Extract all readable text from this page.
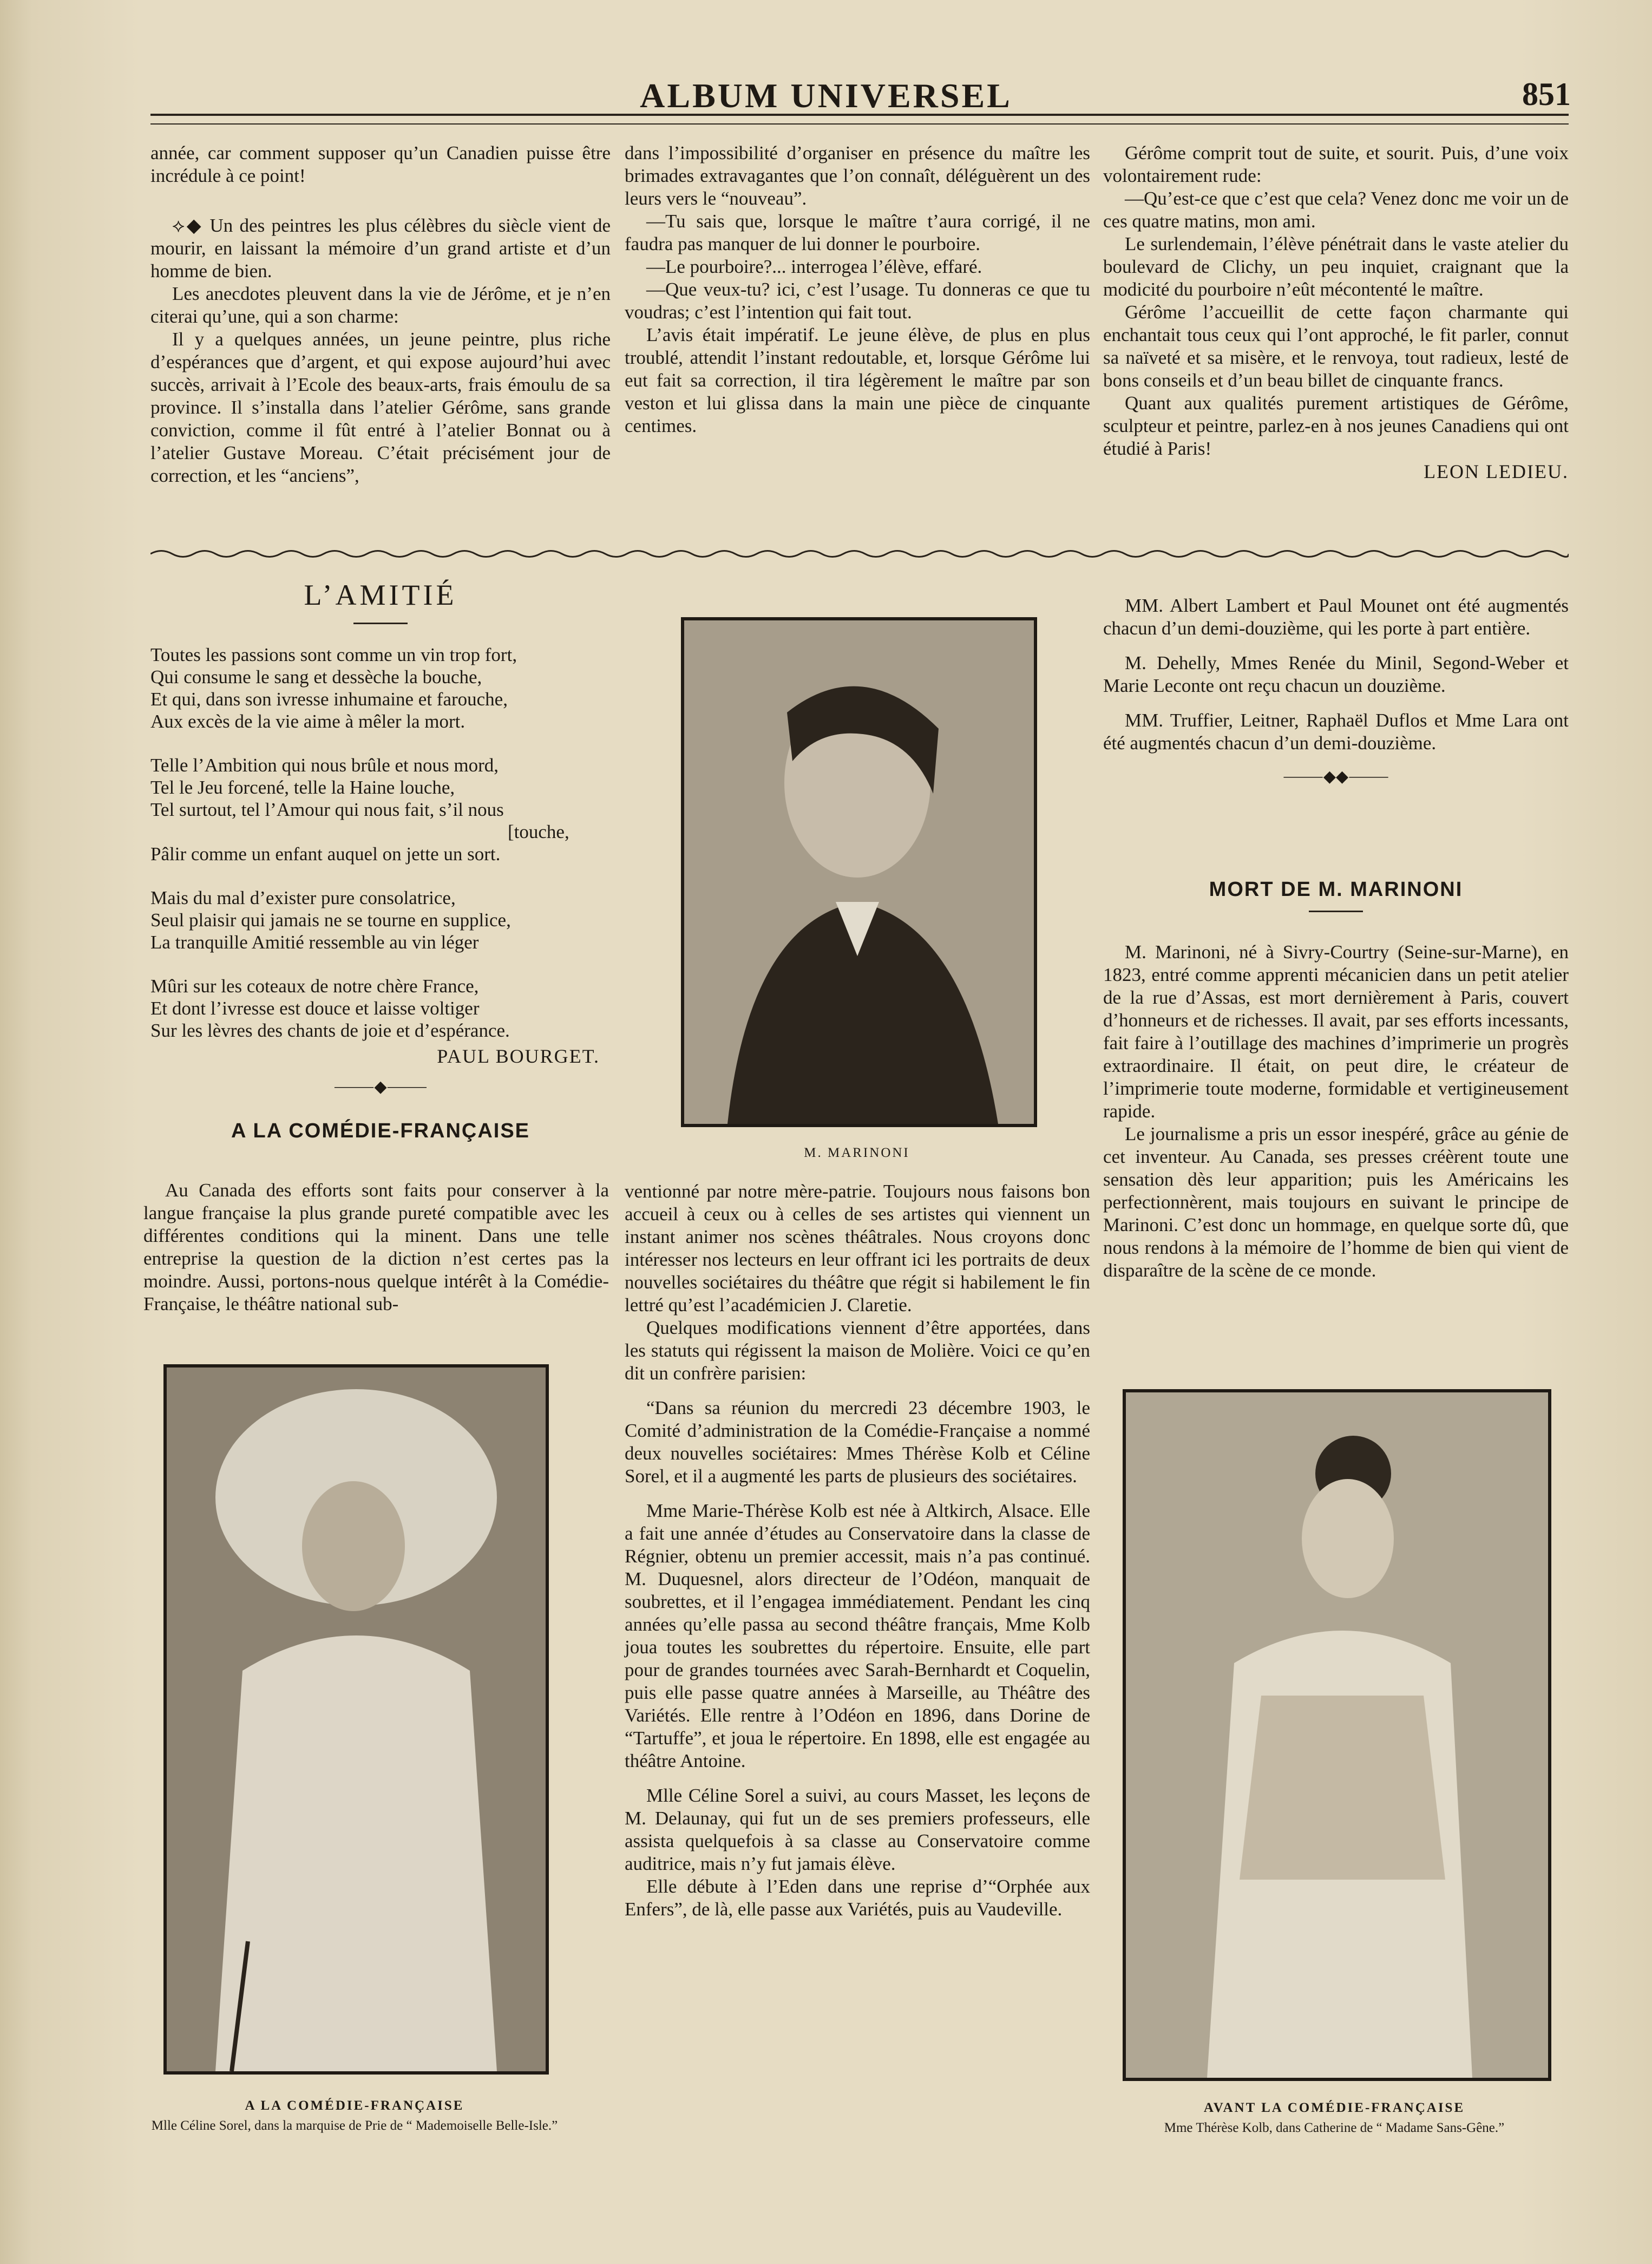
ALBUM UNIVERSEL	851

année, car comment supposer qu’un Canadien puisse être incrédule à ce point!

⟡◆ Un des peintres les plus célèbres du siècle vient de mourir, en laissant la mémoire d’un grand artiste et d’un homme de bien.

Les anecdotes pleuvent dans la vie de Jérôme, et je n’en citerai qu’une, qui a son charme:

Il y a quelques années, un jeune peintre, plus riche d’espérances que d’argent, et qui expose aujourd’hui avec succès, arrivait à l’Ecole des beaux-arts, frais émoulu de sa province. Il s’installa dans l’atelier Gérôme, sans grande conviction, comme il fût entré à l’atelier Bonnat ou à l’atelier Gustave Moreau. C’était précisément jour de correction, et les “anciens”,

dans l’impossibilité d’organiser en présence du maître les brimades extravagantes que l’on connaît, déléguèrent un des leurs vers le “nouveau”.

—Tu sais que, lorsque le maître t’aura corrigé, il ne faudra pas manquer de lui donner le pourboire.

—Le pourboire?... interrogea l’élève, effaré.

—Que veux-tu? ici, c’est l’usage. Tu donneras ce que tu voudras; c’est l’intention qui fait tout.

L’avis était impératif. Le jeune élève, de plus en plus troublé, attendit l’instant redoutable, et, lorsque Gérôme lui eut fait sa correction, il tira légèrement le maître par son veston et lui glissa dans la main une pièce de cinquante centimes.

Gérôme comprit tout de suite, et sourit. Puis, d’une voix volontairement rude:

—Qu’est-ce que c’est que cela? Venez donc me voir un de ces quatre matins, mon ami.

Le surlendemain, l’élève pénétrait dans le vaste atelier du boulevard de Clichy, un peu inquiet, craignant que la modicité du pourboire n’eût mécontenté le maître.

Gérôme l’accueillit de cette façon charmante qui enchantait tous ceux qui l’ont approché, le fit parler, connut sa naïveté et sa misère, et le renvoya, tout radieux, lesté de bons conseils et d’un beau billet de cinquante francs.

Quant aux qualités purement artistiques de Gérôme, sculpteur et peintre, parlez-en à nos jeunes Canadiens qui ont étudié à Paris!

LEON LEDIEU.
L’AMITIÉ
Toutes les passions sont comme un vin trop fort,
Qui consume le sang et dessèche la bouche,
Et qui, dans son ivresse inhumaine et farouche,
Aux excès de la vie aime à mêler la mort.
Telle l’Ambition qui nous brûle et nous mord,
Tel le Jeu forcené, telle la Haine louche,
Tel surtout, tel l’Amour qui nous fait, s’il nous
[touche,
Pâlir comme un enfant auquel on jette un sort.
Mais du mal d’exister pure consolatrice,
Seul plaisir qui jamais ne se tourne en supplice,
La tranquille Amitié ressemble au vin léger
Mûri sur les coteaux de notre chère France,
Et dont l’ivresse est douce et laisse voltiger
Sur les lèvres des chants de joie et d’espérance.
PAUL BOURGET.
⸻◆⸻
A LA COMÉDIE-FRANÇAISE

Au Canada des efforts sont faits pour conserver à la langue française la plus grande pureté compatible avec les différentes conditions qui la minent. Dans une telle entreprise la question de la diction n’est certes pas la moindre. Aussi, portons-nous quelque intérêt à la Comédie-Française, le théâtre national sub-

A LA COMÉDIE-FRANÇAISE
Mlle Céline Sorel, dans la marquise de Prie de “ Mademoiselle Belle-Isle.”
M. MARINONI

ventionné par notre mère-patrie. Toujours nous faisons bon accueil à ceux ou à celles de ses artistes qui viennent un instant animer nos scènes théâtrales. Nous croyons donc intéresser nos lecteurs en leur offrant ici les portraits de deux nouvelles sociétaires du théâtre que régit si habilement le fin lettré qu’est l’académicien J. Claretie.

Quelques modifications viennent d’être apportées, dans les statuts qui régissent la maison de Molière. Voici ce qu’en dit un confrère parisien:

“Dans sa réunion du mercredi 23 décembre 1903, le Comité d’administration de la Comédie-Française a nommé deux nouvelles sociétaires: Mmes Thérèse Kolb et Céline Sorel, et il a augmenté les parts de plusieurs des sociétaires.

Mme Marie-Thérèse Kolb est née à Altkirch, Alsace. Elle a fait une année d’études au Conservatoire dans la classe de Régnier, obtenu un premier accessit, mais n’a pas continué. M. Duquesnel, alors directeur de l’Odéon, manquait de soubrettes, et il l’engagea immédiatement. Pendant les cinq années qu’elle passa au second théâtre français, Mme Kolb joua toutes les soubrettes du répertoire. Ensuite, elle part pour de grandes tournées avec Sarah-Bernhardt et Coquelin, puis elle passe quatre années à Marseille, au Théâtre des Variétés. Elle rentre à l’Odéon en 1896, dans Dorine de “Tartuffe”, et joua le répertoire. En 1898, elle est engagée au théâtre Antoine.

Mlle Céline Sorel a suivi, au cours Masset, les leçons de M. Delaunay, qui fut un de ses premiers professeurs, elle assista quelquefois à sa classe au Conservatoire comme auditrice, mais n’y fut jamais élève.

Elle débute à l’Eden dans une reprise d’“Orphée aux Enfers”, de là, elle passe aux Variétés, puis au Vaudeville.

MM. Albert Lambert et Paul Mounet ont été augmentés chacun d’un demi-douzième, qui les porte à part entière.

M. Dehelly, Mmes Renée du Minil, Segond-Weber et Marie Leconte ont reçu chacun un douzième.

MM. Truffier, Leitner, Raphaël Duflos et Mme Lara ont été augmentés chacun d’un demi-douzième.

⸻◆◆⸻
MORT DE M. MARINONI

M. Marinoni, né à Sivry-Courtry (Seine-sur-Marne), en 1823, entré comme apprenti mécanicien dans un petit atelier de la rue d’Assas, est mort dernièrement à Paris, couvert d’honneurs et de richesses. Il avait, par ses efforts incessants, fait faire à l’outillage des machines d’imprimerie un progrès extraordinaire. Il était, on peut dire, le créateur de l’imprimerie toute moderne, formidable et vertigineusement rapide.

Le journalisme a pris un essor inespéré, grâce au génie de cet inventeur. Au Canada, ses presses créèrent toute une sensation dès leur apparition; puis les Américains les perfectionnèrent, mais toujours en suivant le principe de Marinoni. C’est donc un hommage, en quelque sorte dû, que nous rendons à la mémoire de l’homme de bien qui vient de disparaître de la scène de ce monde.

AVANT LA COMÉDIE-FRANÇAISE
Mme Thérèse Kolb, dans Catherine de “ Madame Sans-Gêne.”
